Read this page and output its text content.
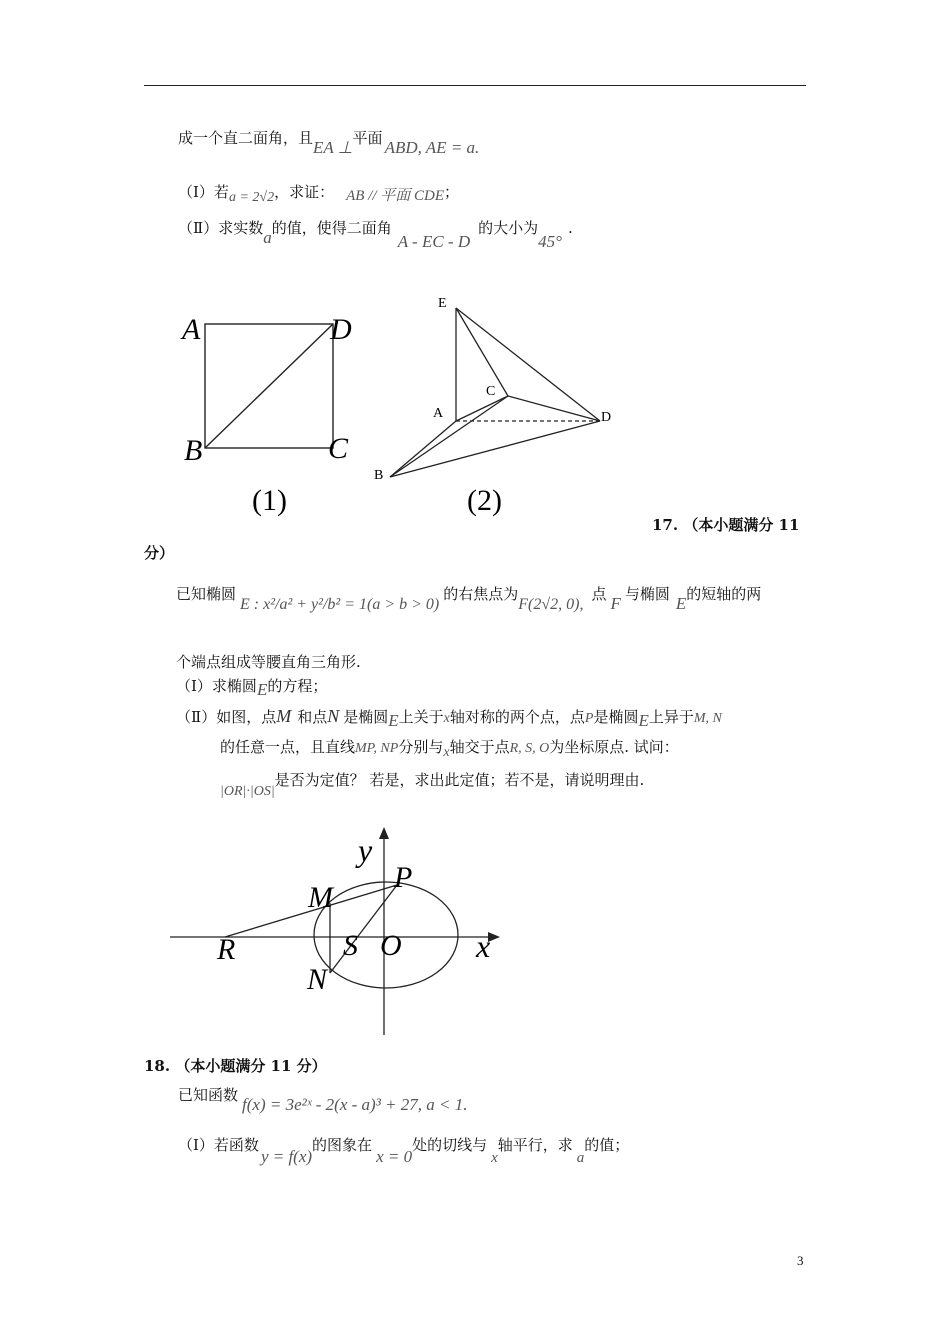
成一个直二面角，且EA ⊥平面 ABD, AE = a.
（Ⅰ）若a = 2√2，求证： AB // 平面 CDE；
（Ⅱ）求实数a的值，使得二面角A - EC - D的大小为45°.
A	D
B	C
(1)
E
C
A	D
B
(2)
17. （本小题满分 11
分）
已知椭圆E : x²/a² + y²/b² = 1(a > b > 0)的右焦点为F(2√2, 0),点 F 与椭圆 E的短轴的两
个端点组成等腰直角三角形.
（Ⅰ）求椭圆E的方程；
（Ⅱ）如图，点M 和点N 是椭圆E上关于x轴对称的两个点，点P是椭圆E上异于M, N
的任意一点，且直线MP, NP分别与x轴交于点R, S, O为坐标原点. 试问：
|OR|·|OS|是否为定值？ 若是，求出此定值；若不是，请说明理由.
y
P
M
R	S O x
N
18. （本小题满分 11 分）
已知函数 f(x) = 3e²ˣ - 2(x - a)³ + 27, a < 1.
（Ⅰ）若函数y = f(x)的图象在x = 0处的切线与x轴平行，求a的值；
3
